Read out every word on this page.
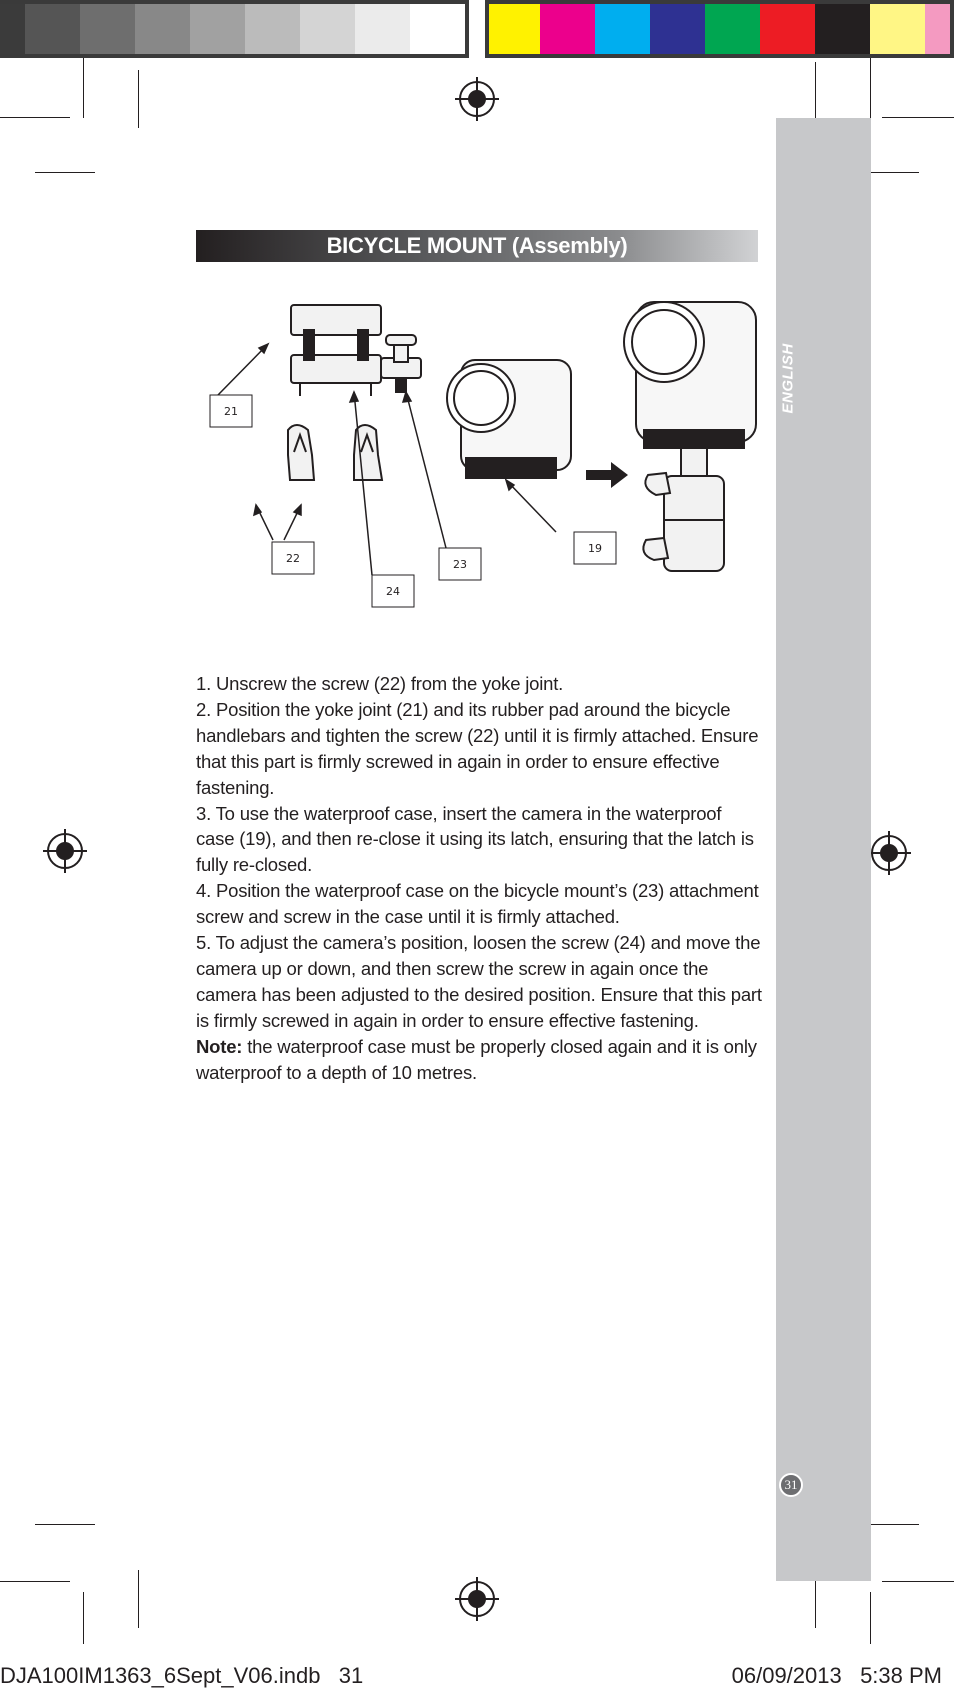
ENGLISH
31
BICYCLE MOUNT (Assembly)
21
22
24
23
19

1. Unscrew the screw (22) from the yoke joint.

2. Position the yoke joint (21) and its rubber pad around the bicycle handlebars and tighten the screw (22) until it is firmly attached. Ensure that this part is firmly screwed in again in order to ensure effective fastening.

3. To use the waterproof case, insert the camera in the waterproof case (19), and then re-close it using its latch, ensuring that the latch is fully re-closed.

4. Position the waterproof case on the bicycle mount’s (23) attachment screw and screw in the case until it is firmly attached.

5. To adjust the camera’s position, loosen the screw (24) and move the camera up or down, and then screw the screw in again once the camera has been adjusted to the desired position. Ensure that this part is firmly screwed in again in order to ensure effective fastening.

Note: the waterproof case must be properly closed again and it is only waterproof to a depth of 10 metres.

DJA100IM1363_6Sept_V06.indb   31	06/09/2013   5:38 PM
